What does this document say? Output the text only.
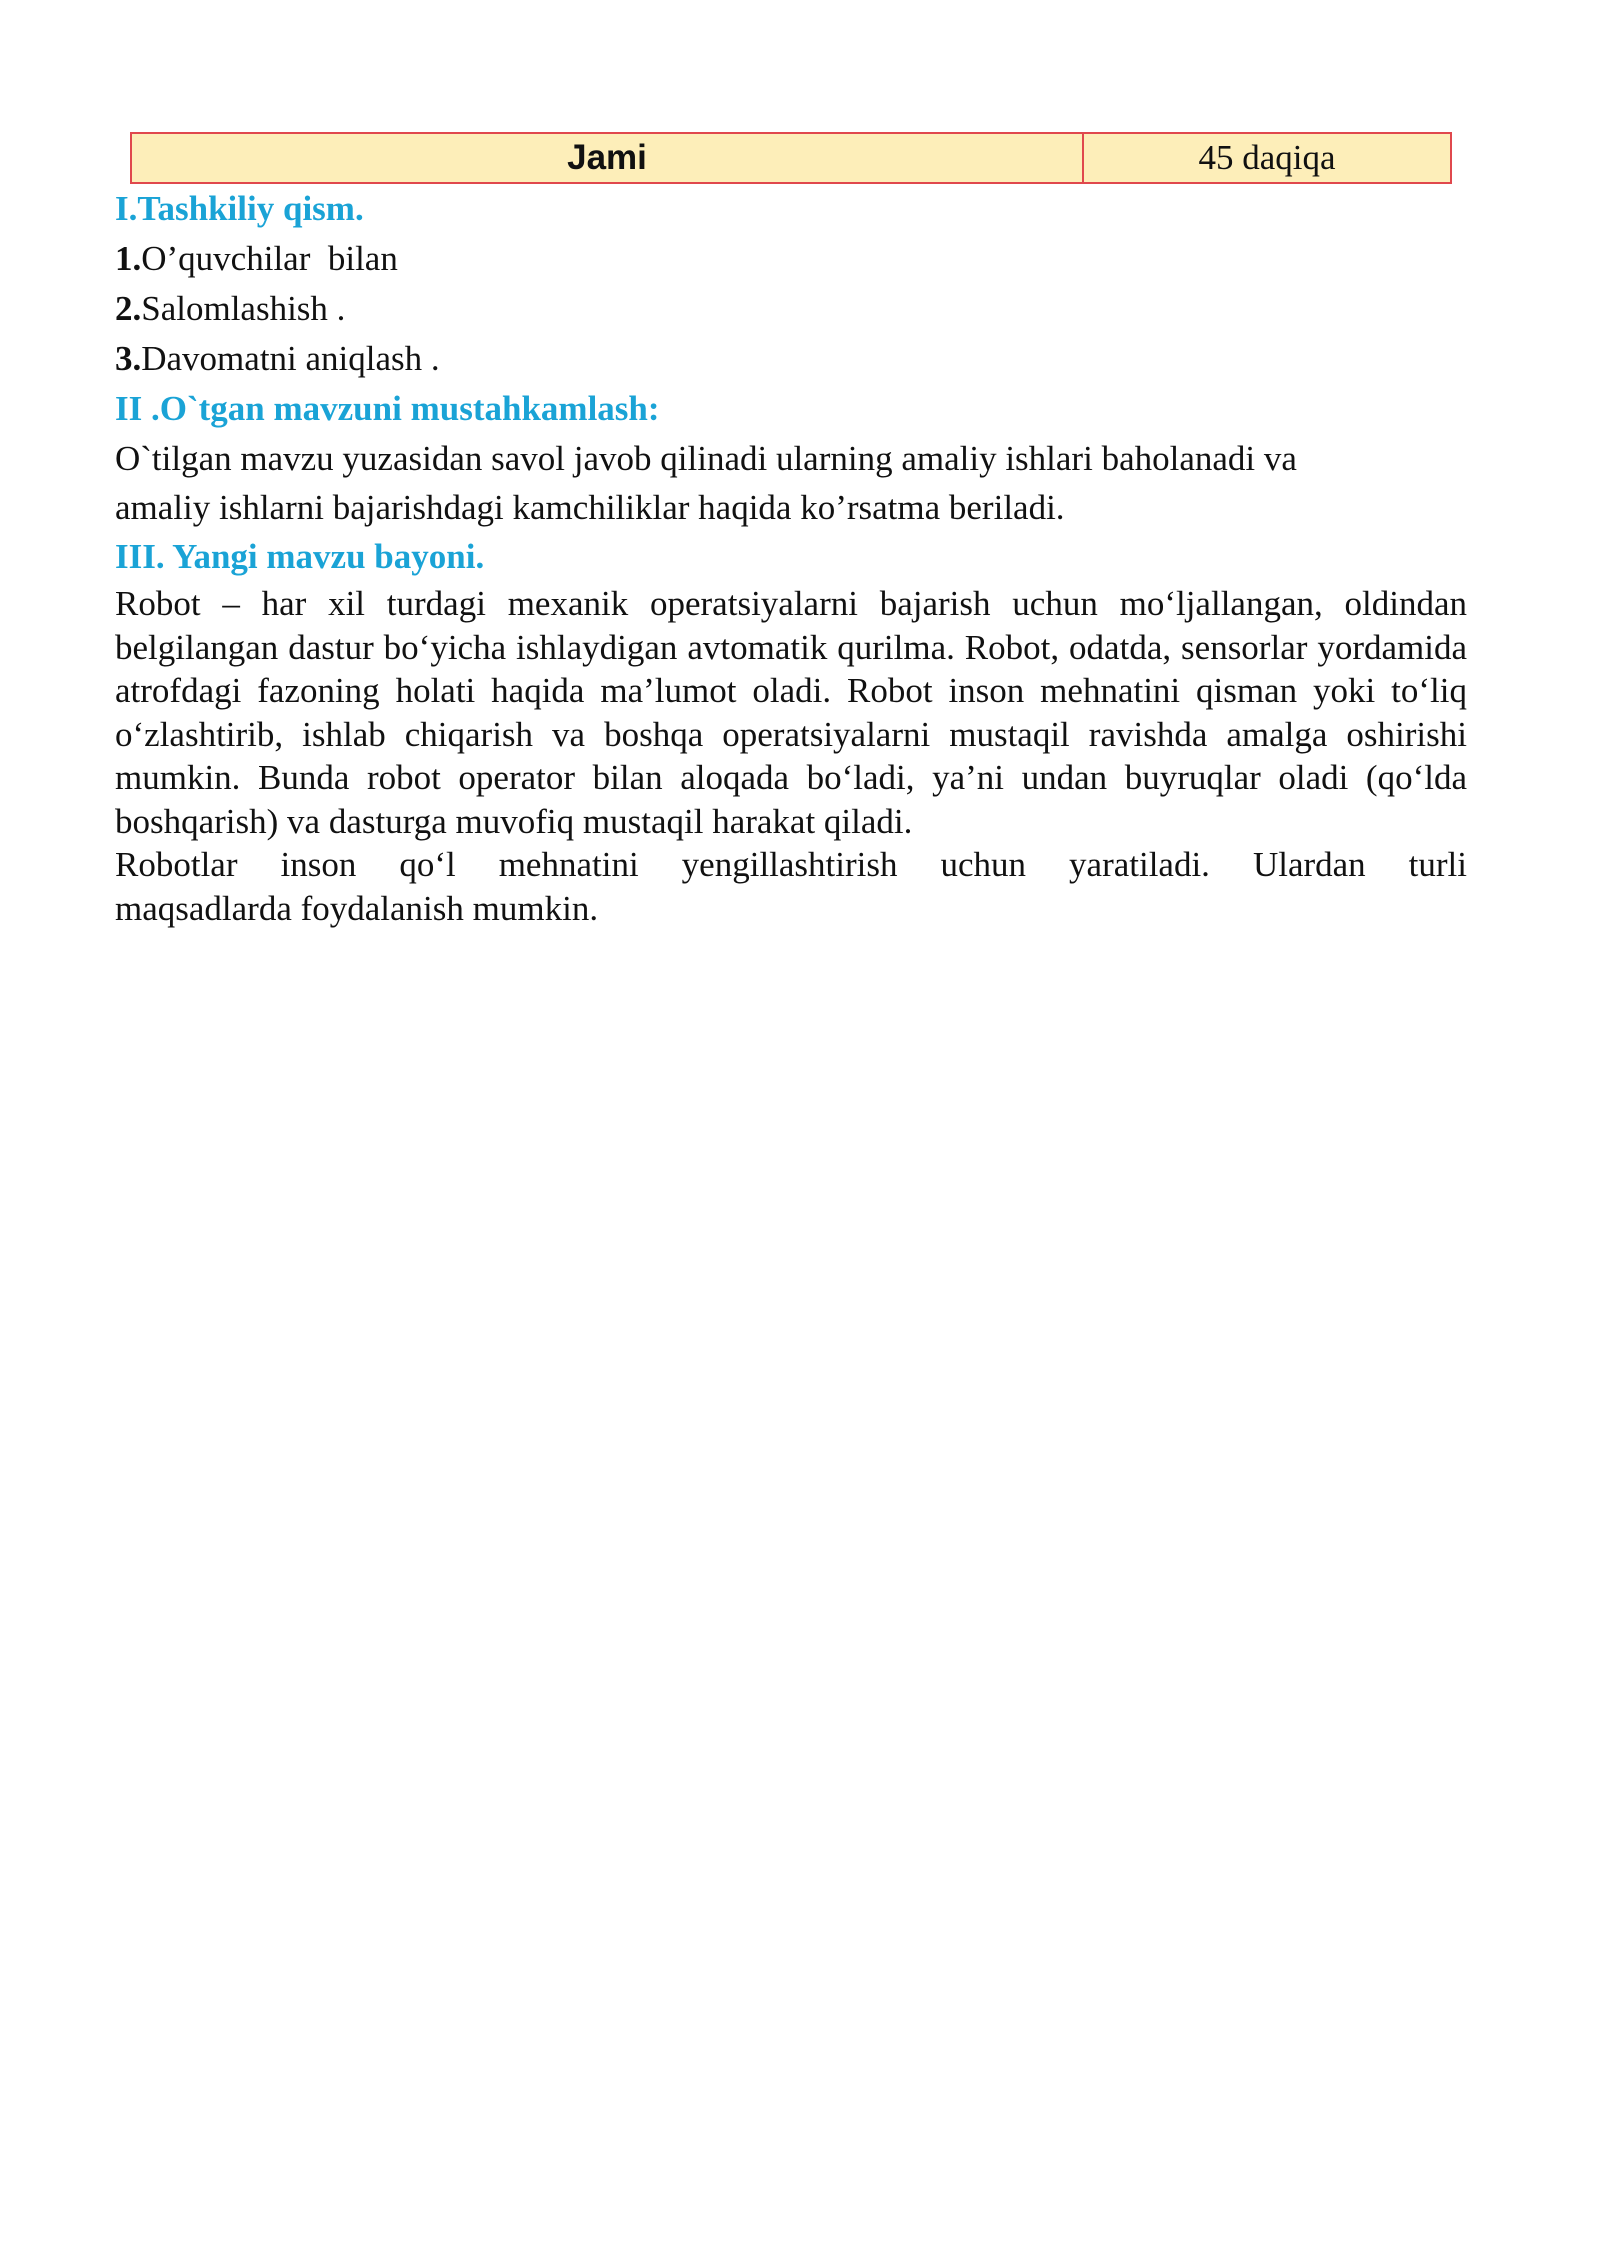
Jami	45 daqiqa

I.Tashkiliy qism.

1.O’quvchilar  bilan

2.Salomlashish .

3.Davomatni aniqlash .

II .O`tgan mavzuni mustahkamlash:

O`tilgan mavzu yuzasidan savol javob qilinadi ularning amaliy ishlari baholanadi va

amaliy ishlarni bajarishdagi kamchiliklar haqida ko’rsatma beriladi.

III. Yangi mavzu bayoni.

Robot – har xil turdagi mexanik operatsiyalarni bajarish uchun mo‘ljallangan, oldindan belgilangan dastur bo‘yicha ishlaydigan avtomatik qurilma. Robot, odatda, sensorlar yordamida atrofdagi fazoning holati haqida ma’lumot oladi. Robot inson mehnatini qisman yoki to‘liq o‘zlashtirib, ishlab chiqarish va boshqa operatsiyalarni mustaqil ravishda amalga oshirishi mumkin. Bunda robot operator bilan aloqada bo‘ladi, ya’ni undan buyruqlar oladi (qo‘lda boshqarish) va dasturga muvofiq mustaqil harakat qiladi.

Robotlar inson qo‘l mehnatini yengillashtirish uchun yaratiladi. Ulardan turli

maqsadlarda foydalanish mumkin.
